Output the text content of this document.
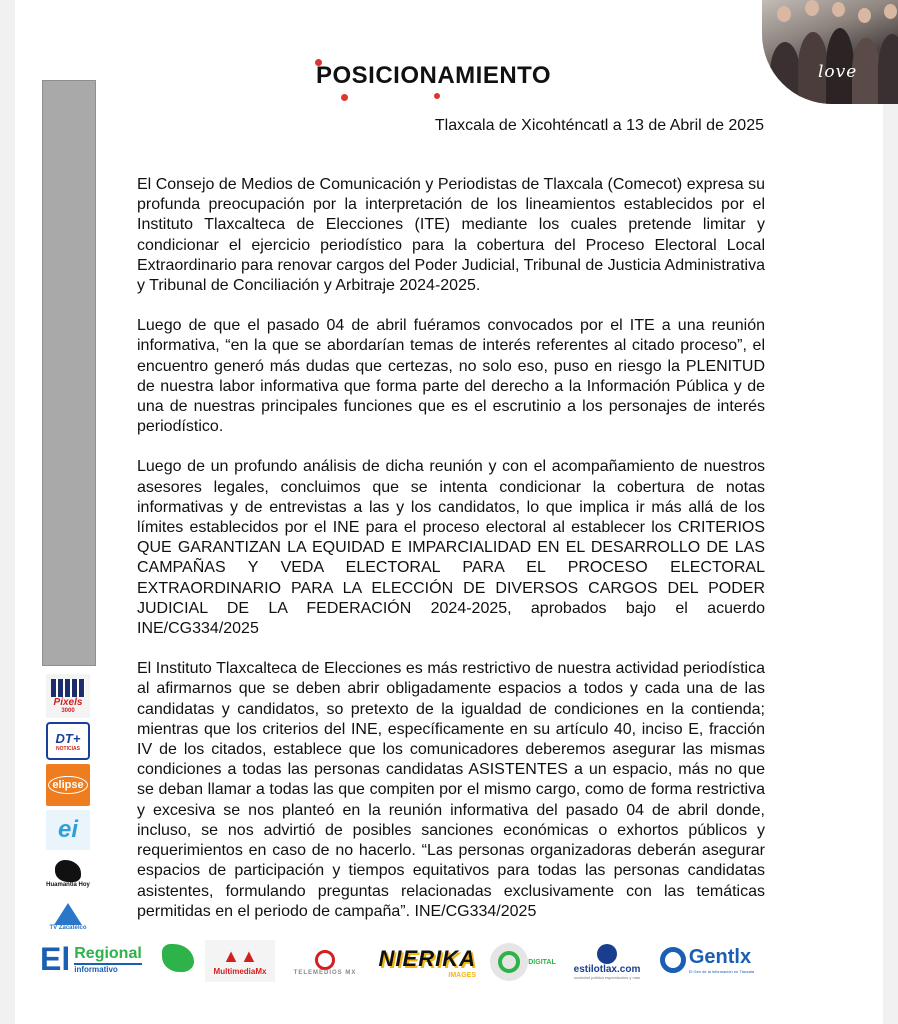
love
POSICIONAMIENTO
Tlaxcala de Xicohténcatl a 13 de Abril de 2025

El Consejo de Medios de Comunicación y Periodistas de Tlaxcala (Comecot) expresa su profunda preocupación por la interpretación de los lineamientos establecidos por el Instituto Tlaxcalteca de Elecciones (ITE) mediante los cuales pretende limitar y condicionar el ejercicio periodístico para la cobertura del Proceso Electoral Local Extraordinario para renovar cargos del Poder Judicial, Tribunal de Justicia Administrativa y Tribunal de Conciliación y Arbitraje 2024-2025.

Luego de que el pasado 04 de abril fuéramos convocados por el ITE a una reunión informativa, “en la que se abordarían temas de interés referentes al citado proceso”, el encuentro generó más dudas que certezas, no solo eso, puso en riesgo la PLENITUD de nuestra labor informativa que forma parte del derecho a la Información Pública y de una de nuestras principales funciones que es el escrutinio a los personajes de interés periodístico.

Luego de un profundo análisis de dicha reunión y con el acompañamiento de nuestros asesores legales, concluimos que se intenta condicionar la cobertura de notas informativas y de entrevistas a las y los candidatos, lo que implica ir más allá de los límites establecidos por el INE para el proceso electoral al establecer los CRITERIOS QUE GARANTIZAN LA EQUIDAD E IMPARCIALIDAD EN EL DESARROLLO DE LAS CAMPAÑAS Y VEDA ELECTORAL PARA EL PROCESO ELECTORAL EXTRAORDINARIO PARA LA ELECCIÓN DE DIVERSOS CARGOS DEL PODER JUDICIAL DE LA FEDERACIÓN 2024-2025, aprobados bajo el acuerdo INE/CG334/2025

El Instituto Tlaxcalteca de Elecciones es más restrictivo de nuestra actividad periodística al afirmarnos que se deben abrir obligadamente espacios a todos y cada una de las candidatas y candidatos, so pretexto de la igualdad de condiciones en la contienda; mientras que los criterios del INE, específicamente en su artículo 40, inciso E, fracción IV de los citados, establece que los comunicadores deberemos asegurar las mismas condiciones a todas las personas candidatas ASISTENTES a un espacio, más no que se deban llamar a todas las que compiten por el mismo cargo, como de forma restrictiva y excesiva se nos planteó en la reunión informativa del pasado 04 de abril donde, incluso, se nos advirtió de posibles sanciones económicas o exhortos públicos y requerimientos en caso de no hacerlo. “Las personas organizadoras deberán asegurar espacios de participación y tiempos equitativos para todas las personas candidatas asistentes, formulando preguntas relacionadas exclusivamente con las temáticas permitidas en el periodo de campaña”. INE/CG334/2025

Pixels
3000
DT+
NOTICIAS
elipse
ei
Huamantla Hoy
TV Zacatelco
El Regional
informativo
▲▲
MultimediaMx	TELEMEDIOS MX
NIERIKA
IMAGES
DIGITAL
estilotlax.com
sociedad política espectáculos y más
Gentlx
El Gen de la información en Tlaxcala
